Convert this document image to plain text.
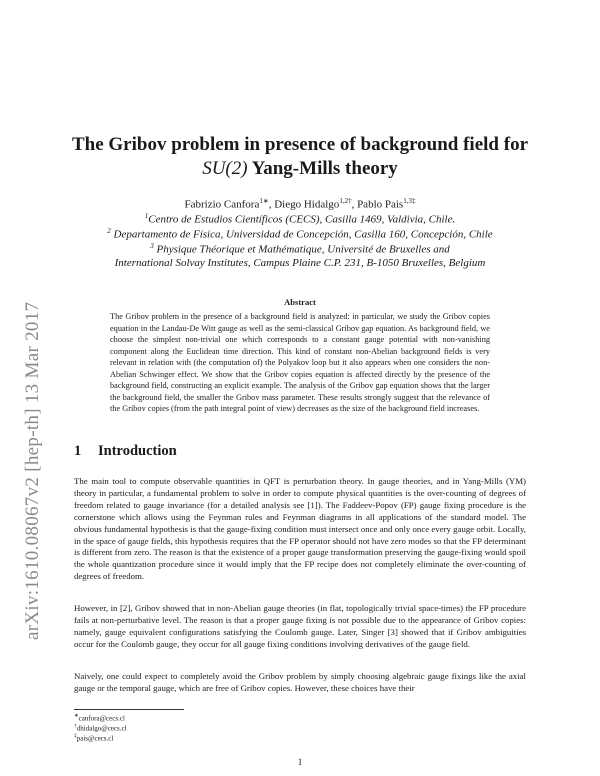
arXiv:1610.08067v2 [hep-th] 13 Mar 2017
The Gribov problem in presence of background field for
SU(2) Yang-Mills theory
Fabrizio Canfora$^{1∗}$, Diego Hidalgo$^{1,2\dagger}$, Pablo Pais$^{1,3\ddagger}$
$^1$Centro de Estudios Científicos (CECS), Casilla 1469, Valdivia, Chile.
$^2$ Departamento de Física, Universidad de Concepción, Casilla 160, Concepción, Chile
$^3$ Physique Théorique et Mathématique, Université de Bruxelles and
International Solvay Institutes, Campus Plaine C.P. 231, B-1050 Bruxelles, Belgium
Abstract
The Gribov problem in the presence of a background field is analyzed: in particular, we study the Gribov copies equation in the Landau-De Witt gauge as well as the semi-classical Gribov gap equation. As background field, we choose the simplest non-trivial one which corresponds to a constant gauge potential with non-vanishing component along the Euclidean time direction. This kind of constant non-Abelian background fields is very relevant in relation with (the computation of) the Polyakov loop but it also appears when one considers the non-Abelian Schwinger effect. We show that the Gribov copies equation is affected directly by the presence of the background field, constructing an explicit example. The analysis of the Gribov gap equation shows that the larger the background field, the smaller the Gribov mass parameter. These results strongly suggest that the relevance of the Gribov copies (from the path integral point of view) decreases as the size of the background field increases.
1 Introduction

The main tool to compute observable quantities in QFT is perturbation theory. In gauge theories, and in Yang-Mills (YM) theory in particular, a fundamental problem to solve in order to compute physical quantities is the over-counting of degrees of freedom related to gauge invariance (for a detailed analysis see [1]). The Faddeev-Popov (FP) gauge fixing procedure is the cornerstone which allows using the Feynman rules and Feynman diagrams in all applications of the standard model. The obvious fundamental hypothesis is that the gauge-fixing condition must intersect once and only once every gauge orbit. Locally, in the space of gauge fields, this hypothesis requires that the FP operator should not have zero modes so that the FP determinant is different from zero. The reason is that the existence of a proper gauge transformation preserving the gauge-fixing would spoil the whole quantization procedure since it would imply that the FP recipe does not completely eliminate the over-counting of degrees of freedom.

However, in [2], Gribov showed that in non-Abelian gauge theories (in flat, topologically trivial space-times) the FP procedure fails at non-perturbative level. The reason is that a proper gauge fixing is not possible due to the appearance of Gribov copies: namely, gauge equivalent configurations satisfying the Coulomb gauge. Later, Singer [3] showed that if Gribov ambiguities occur for the Coulomb gauge, they occur for all gauge fixing conditions involving derivatives of the gauge field.

Naively, one could expect to completely avoid the Gribov problem by simply choosing algebraic gauge fixings like the axial gauge or the temporal gauge, which are free of Gribov copies. However, these choices have their

∗canfora@cecs.cl
†dhidalgo@cecs.cl
‡pais@cecs.cl
1
